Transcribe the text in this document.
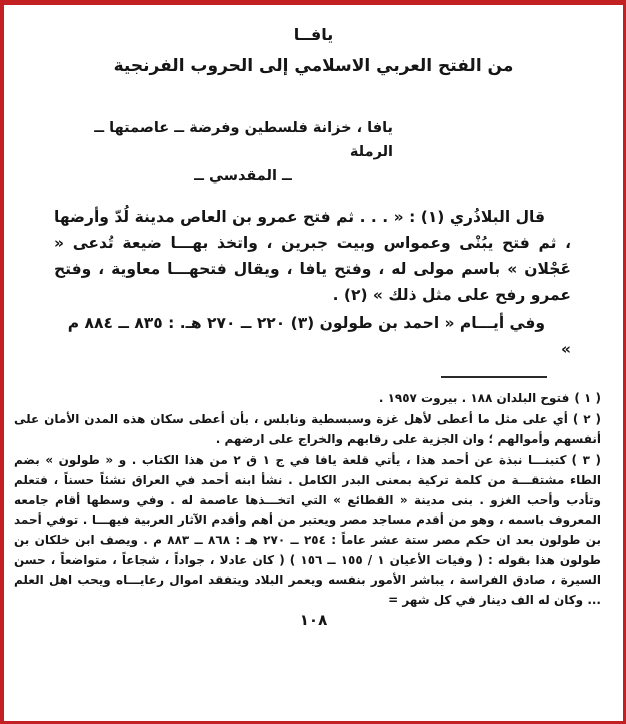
يافــا
من الفتح العربي الاسلامي إلى الحروب الفرنجية
يافا ، خزانة فلسطين وفرضة ــ عاصمتها ــ الرملة
ــ المقدسي ــ

قال البلاذُري (١) : « . . . ثم فتح عمرو بن العاص مدينة لُدّ وأرضها ، ثم فتح يبُنْى وعمواس وبيت جبرين ، واتخذ بهـــا ضيعة تُدعى « عَجْلان » باسم مولى له ، وفتح يافا ، ويقال فتحهـــا معاوية ، وفتح عمرو رفح على مثل ذلك » (٢) .

وفي أيـــام « احمد بن طولون (٣) ٢٢٠ ــ ٢٧٠ هـ. : ٨٣٥ ــ ٨٨٤ م »

( ١ )فتوح البلدان ١٨٨ . بيروت ١٩٥٧ .

( ٢ )أي على مثل ما أعطى لأهل غزة وسبسطية ونابلس ، بأن أعطى سكان هذه المدن الأمان على أنفسهم وأموالهم ؛ وان الجزية على رقابهم والخراج على ارضهم .

( ٣ )كتبنـــا نبذة عن أحمد هذا ، يأتي قلعة يافا في ج ١ ق ٢ من هذا الكتاب . و « طولون » بضم الطاء مشتقـــة من كلمة تركية بمعنى البدر الكامل . نشأ ابنه أحمد في العراق نشئاً حسناً ، فتعلم وتأدب وأحب الغزو . بنى مدينة « القطائع » التي اتخـــذها عاصمة له . وفي وسطها أقام جامعه المعروف باسمه ، وهو من أقدم مساجد مصر ويعتبر من أهم وأقدم الآثار العربية فيهـــا . توفي أحمد بن طولون بعد ان حكم مصر ستة عشر عاماً : ٢٥٤ ــ ٢٧٠ هـ : ٨٦٨ ــ ٨٨٣ م . ويصف ابن خلكان بن طولون هذا بقوله : ( وفيات الأعيان ١ / ١٥٥ ــ ١٥٦ ) ( كان عادلا ، جواداً ، شجاعاً ، متواضعاً ، حسن السيرة ، صادق الفراسة ، يباشر الأمور بنفسه ويعمر البلاد ويتفقد اموال رعايـــاه ويحب اهل العلم ... وكان له الف دينار في كل شهر =

١٠٨
